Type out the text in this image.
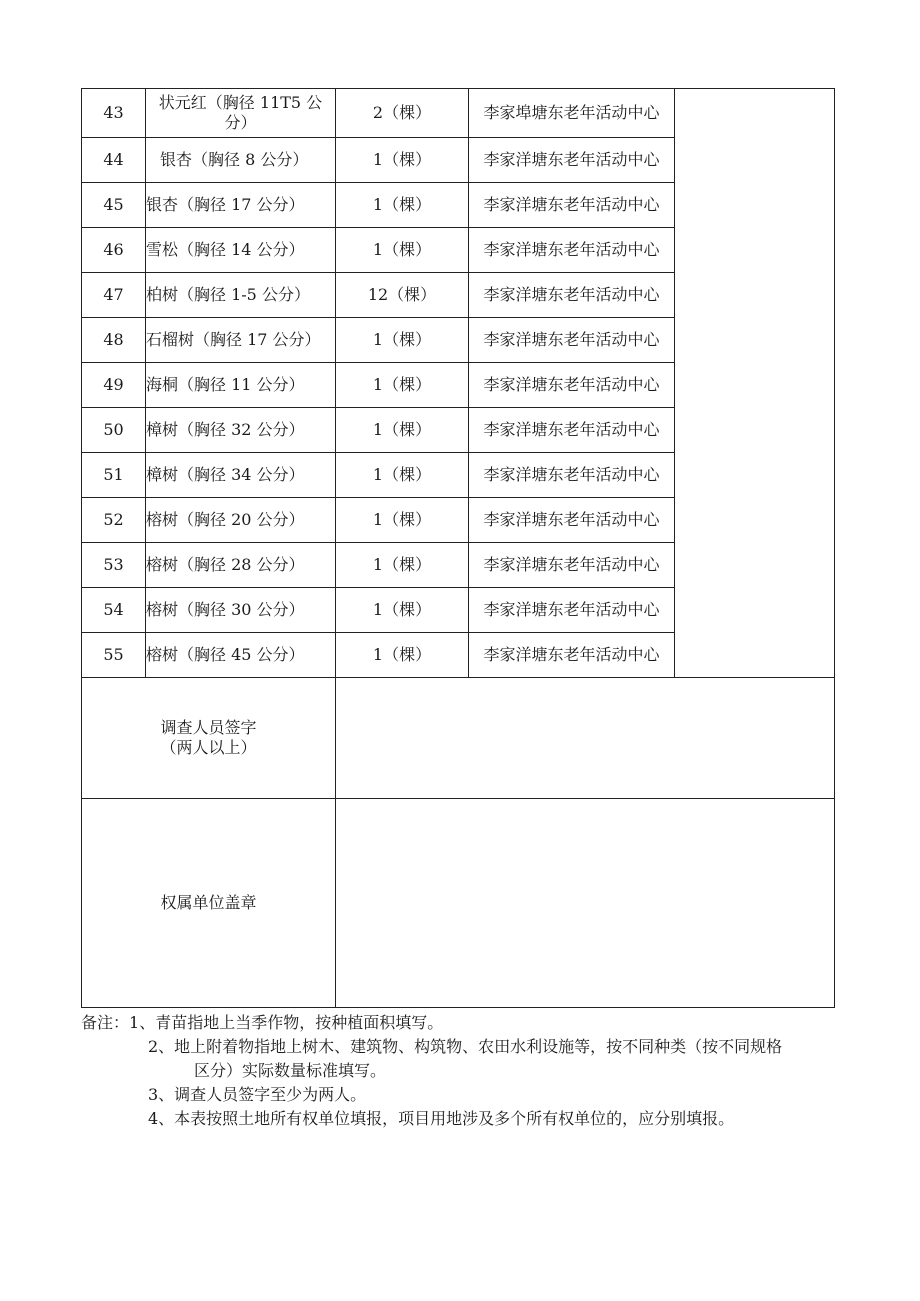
43	状元红（胸径 11T5 公分）	2（棵）	李家埠塘东老年活动中心	
44	银杏（胸径 8 公分）	1（棵）	李家洋塘东老年活动中心	
45	银杏（胸径 17 公分）	1（棵）	李家洋塘东老年活动中心	
46	雪松（胸径 14 公分）	1（棵）	李家洋塘东老年活动中心	
47	柏树（胸径 1-5 公分）	12（棵）	李家洋塘东老年活动中心	
48	石榴树（胸径 17 公分）	1（棵）	李家洋塘东老年活动中心	
49	海桐（胸径 11 公分）	1（棵）	李家洋塘东老年活动中心	
50	樟树（胸径 32 公分）	1（棵）	李家洋塘东老年活动中心	
51	樟树（胸径 34 公分）	1（棵）	李家洋塘东老年活动中心	
52	榕树（胸径 20 公分）	1（棵）	李家洋塘东老年活动中心	
53	榕树（胸径 28 公分）	1（棵）	李家洋塘东老年活动中心	
54	榕树（胸径 30 公分）	1（棵）	李家洋塘东老年活动中心	
55	榕树（胸径 45 公分）	1（棵）	李家洋塘东老年活动中心	

调查人员签字
（两人以上）				

权属单位盖章				
备注：1、青苗指地上当季作物，按种植面积填写。
2、地上附着物指地上树木、建筑物、构筑物、农田水利设施等，按不同种类（按不同规格
区分）实际数量标准填写。
3、调查人员签字至少为两人。
4、本表按照土地所有权单位填报，项目用地涉及多个所有权单位的，应分别填报。
